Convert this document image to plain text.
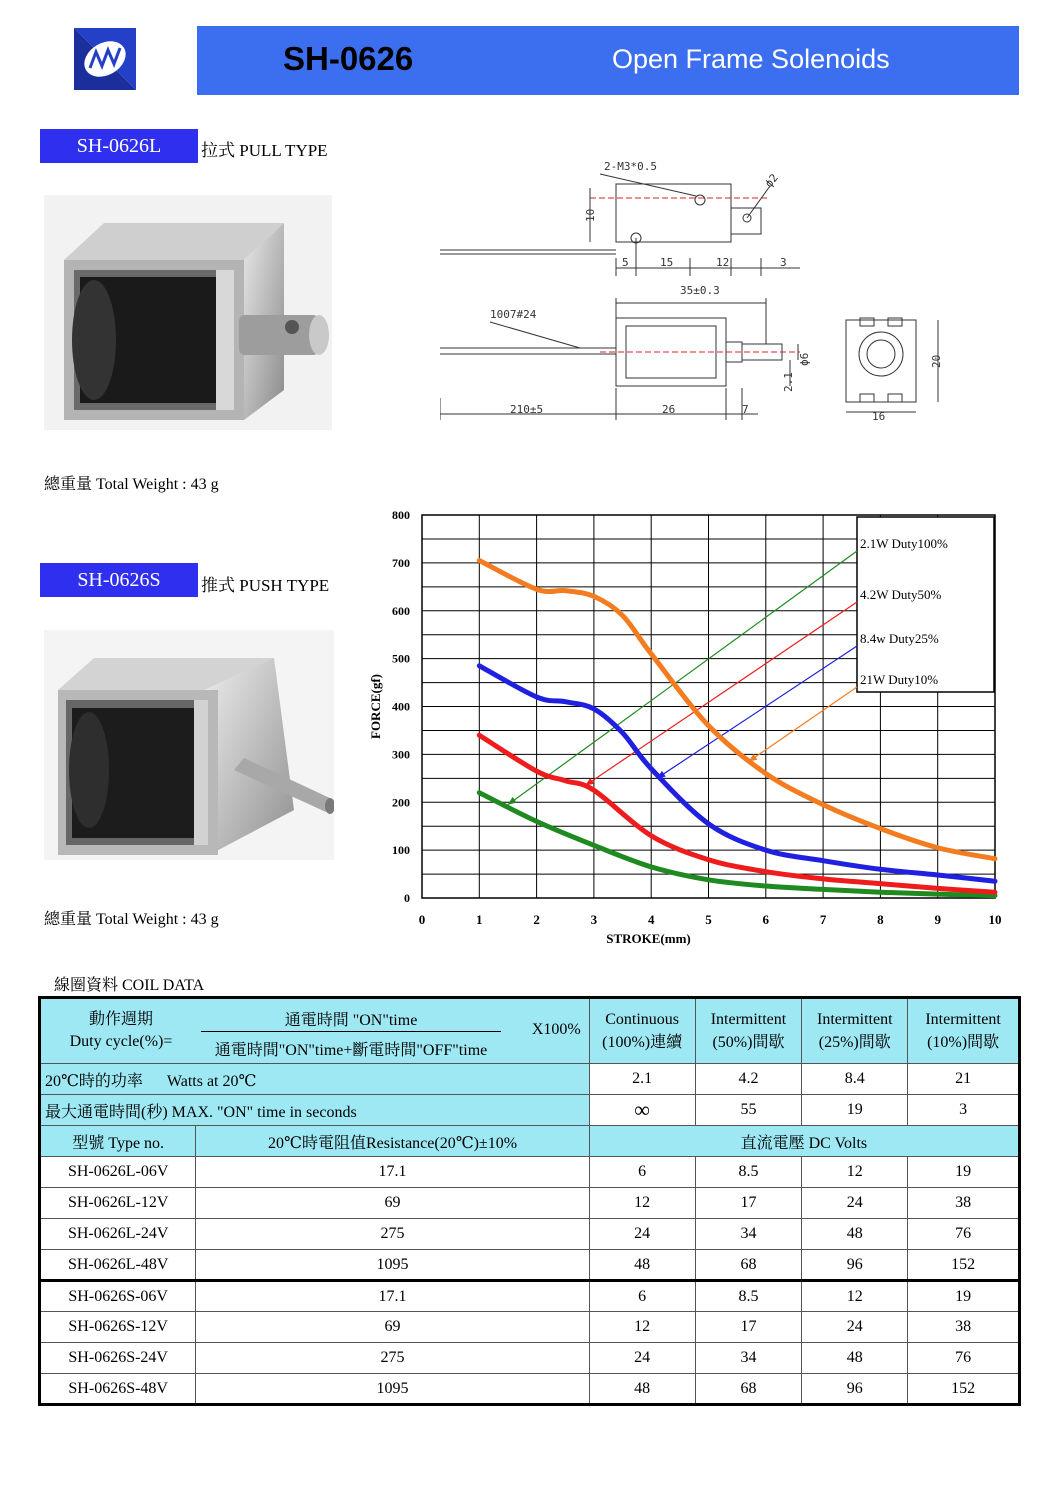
SH-0626	Open Frame Solenoids
SH-0626L	拉式 PULL TYPE
總重量 Total Weight : 43 g
SH-0626S	推式 PUSH TYPE
總重量 Total Weight : 43 g
2-M3*0.5
ϕ2
10
5	15	12	3
35±0.3
1007#24
ϕ6
2.1
20
210±5	26	7
16
0	1	2	3	4	5	6	7	8	9	10
0
100
200
300
400
500
600
700
800
STROKE(mm)
FORCE(gf)
2.1W Duty100%
4.2W Duty50%
8.4w Duty25%
21W Duty10%
線圈資料 COIL DATA
動作週期
Duty cycle(%)=
通電時間 "ON"time
通電時間"ON"time+斷電時間"OFF"time
X100%		Continuous (100%)連續	Intermittent (50%)間歇	Intermittent (25%)間歇	Intermittent (10%)間歇
20℃時的功率      Watts at 20℃		2.1	4.2	8.4	21
最大通電時間(秒) MAX. "ON" time in seconds		∞	55	19	3
型號 Type no.	20℃時電阻值Resistance(20℃)±10%	直流電壓 DC Volts			
SH-0626L-06V	17.1	6	8.5	12	19
SH-0626L-12V	69	12	17	24	38
SH-0626L-24V	275	24	34	48	76
SH-0626L-48V	1095	48	68	96	152
SH-0626S-06V	17.1	6	8.5	12	19
SH-0626S-12V	69	12	17	24	38
SH-0626S-24V	275	24	34	48	76
SH-0626S-48V	1095	48	68	96	152
